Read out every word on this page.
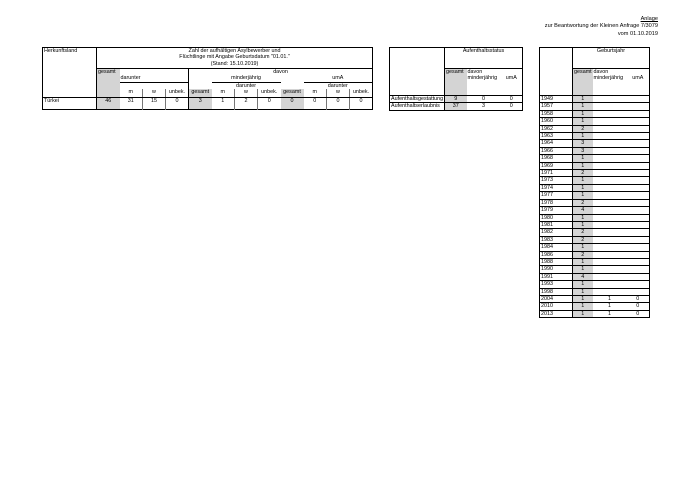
Anlage
zur Beantwortung der Kleinen Anfrage 7/3079
vom 01.10.2019
Herkunftsland	Zahl der aufhältigen Asylbewerber und
Flüchtlinge mit Angabe Geburtsdatum "01.01."
(Stand: 15.10.2019)											

	gesamt				davon							
		darunter				minderjährig				umA		
						darunter				darunter		
		m	w	unbek.	gesamt	m	w	unbek.	gesamt	m	w	unbek.
Türkei	46	31	15	0	3	1	2	0	0	0	0	0

	Aufenthaltsstatus		
	gesamt	davon
minderjährig	umA

Aufenthaltsgestattung	9	0	0
Aufenthaltserlaubnis	37	3	0
	Geburtsjahr		
	gesamt	davon
minderjährig	umA

1949	1		
1957	1		
1958	1		
1960	1		
1962	2		
1963	1		
1964	3		
1966	3		
1968	1		
1969	1		
1971	2		
1973	1		
1974	1		
1977	1		
1978	2		
1979	4		
1980	1		
1981	1		
1982	2		
1983	2		
1984	1		
1986	2		
1988	1		
1990	1		
1991	4		
1993	1		
1998	1		
2004	1	1	0
2010	1	1	0
2013	1	1	0
